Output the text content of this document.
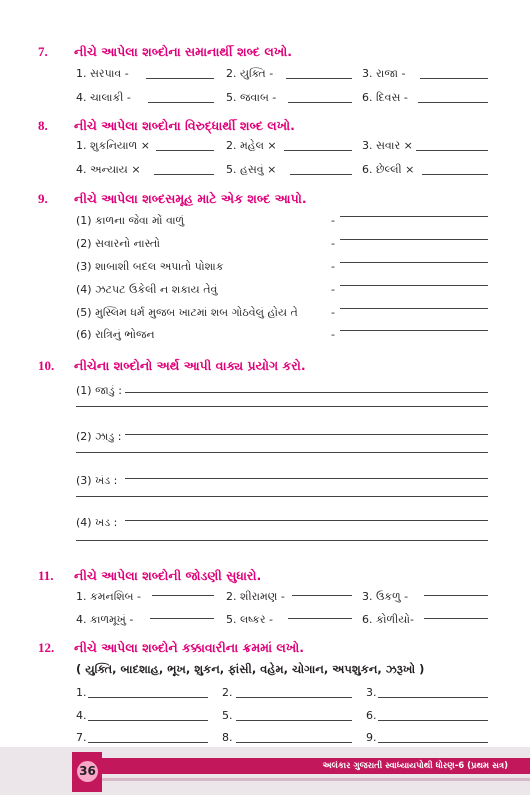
7. નીચે આપેલા શબ્દોના સમાનાર્થી શબ્દ લખો.
1. સરપાવ -	2. યુક્તિ -	3. રાજા -
4. ચાલાકી -	5. જવાબ -	6. દિવસ -
8. નીચે આપેલા શબ્દોના વિરુદ્ધાર્થી શબ્દ લખો.
1. શુકનિયાળ ×	2. મહેલ ×	3. સવાર ×
4. અન્યાય ×	5. હસવું ×	6. છેલ્લી ×
9. નીચે આપેલા શબ્દસમૂહ માટે એક શબ્દ આપો.
(1) કાળના જેવા મોં વાળું	-
(2) સવારનો નાસ્તો	-
(3) શાબાશી બદલ અપાતો પોશાક	-
(4) ઝટપટ ઉકેલી ન શકાય તેવું	-
(5) મુસ્લિમ ધર્મ મુજબ ખાટમાં શબ ગોઠવેલું હોય તે	-
(6) રાત્રિનું ભોજન	-
10. નીચેના શબ્દોનો અર્થ આપી વાક્ય પ્રયોગ કરો.
(1) જાડું :
(2) ઝાડુ :
(3) ખંડ :
(4) ખડ :
11. નીચે આપેલા શબ્દોની જોડણી સુધારો.
1. કમનશિબ -	2. શીરામણ -	3. ઉકળુ -
4. કાળમૂખું -	5. લષ્કર -	6. કોળીયો-
12. નીચે આપેલા શબ્દોને કક્કાવારીના ક્રમમાં લખો.
( યુક્તિ, બાદશાહ, ભૂખ, શુકન, ફાંસી, વહેમ, ચોગાન, અપશુકન, ઝરૂખો )
1.	2.	3.
4.	5.	6.
7.	8.	9.
અલંકાર ગુજરાતી સ્વાધ્યાયપોથી ધોરણ-6 (પ્રથમ સત્ર)
36
